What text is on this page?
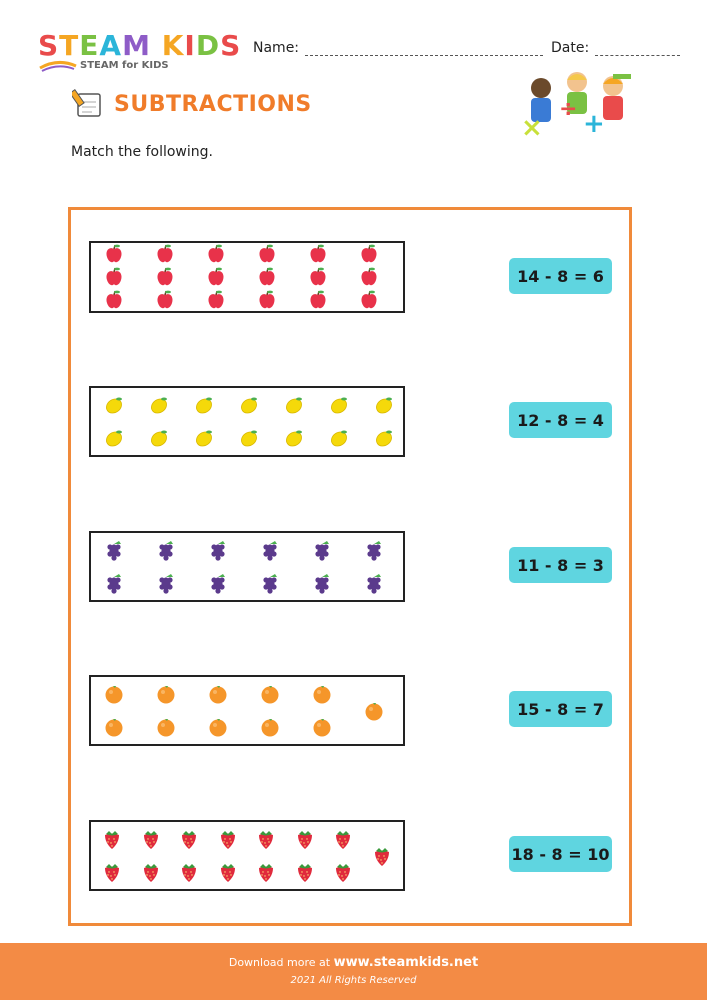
STEAM KIDS
STEAM for KIDS
Name:	Date:
×
÷ +
SUBTRACTIONS
Match the following.
14 - 8 = 6
12 - 8 = 4
11 - 8 = 3
15 - 8 = 7
18 - 8 = 10
Download more at www.steamkids.net
2021 All Rights Reserved
